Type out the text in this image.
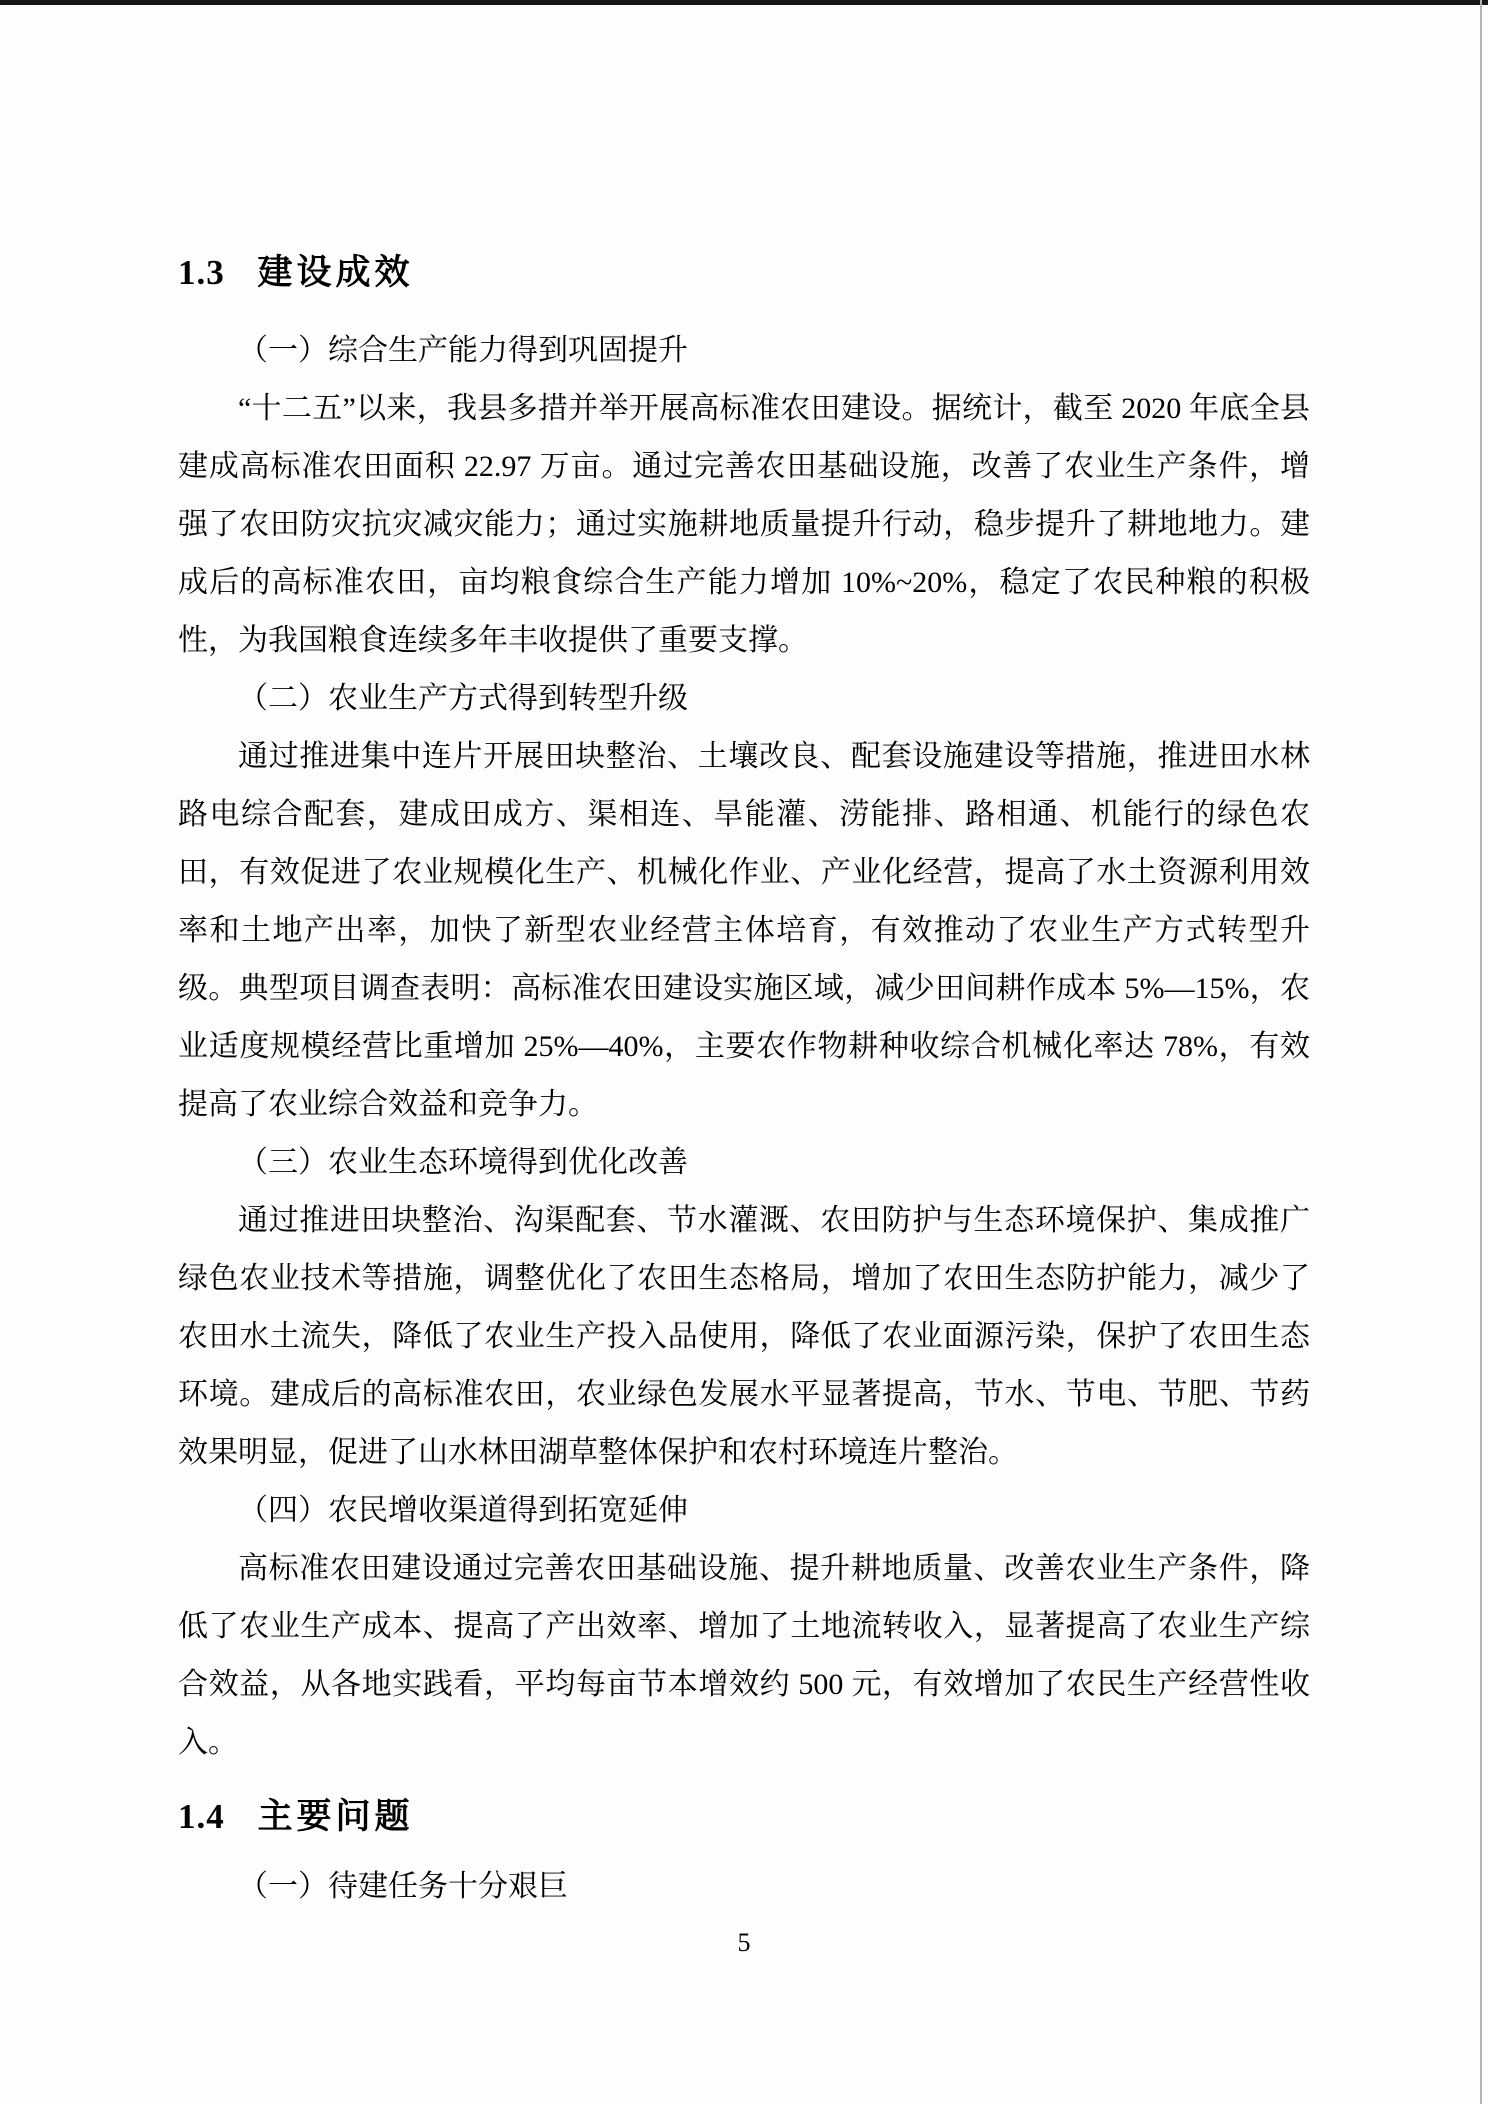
1.3 建设成效

（一）综合生产能力得到巩固提升

“十二五”以来，我县多措并举开展高标准农田建设。据统计，截至 2020 年底全县建成高标准农田面积 22.97 万亩。通过完善农田基础设施，改善了农业生产条件，增强了农田防灾抗灾减灾能力；通过实施耕地质量提升行动，稳步提升了耕地地力。建成后的高标准农田，亩均粮食综合生产能力增加 10%~20%，稳定了农民种粮的积极性，为我国粮食连续多年丰收提供了重要支撑。

（二）农业生产方式得到转型升级

通过推进集中连片开展田块整治、土壤改良、配套设施建设等措施，推进田水林路电综合配套，建成田成方、渠相连、旱能灌、涝能排、路相通、机能行的绿色农田，有效促进了农业规模化生产、机械化作业、产业化经营，提高了水土资源利用效率和土地产出率，加快了新型农业经营主体培育，有效推动了农业生产方式转型升级。典型项目调查表明：高标准农田建设实施区域，减少田间耕作成本 5%—15%，农业适度规模经营比重增加 25%—40%，主要农作物耕种收综合机械化率达 78%，有效提高了农业综合效益和竞争力。

（三）农业生态环境得到优化改善

通过推进田块整治、沟渠配套、节水灌溉、农田防护与生态环境保护、集成推广绿色农业技术等措施，调整优化了农田生态格局，增加了农田生态防护能力，减少了农田水土流失，降低了农业生产投入品使用，降低了农业面源污染，保护了农田生态环境。建成后的高标准农田，农业绿色发展水平显著提高，节水、节电、节肥、节药效果明显，促进了山水林田湖草整体保护和农村环境连片整治。

（四）农民增收渠道得到拓宽延伸

高标准农田建设通过完善农田基础设施、提升耕地质量、改善农业生产条件，降低了农业生产成本、提高了产出效率、增加了土地流转收入，显著提高了农业生产综合效益，从各地实践看，平均每亩节本增效约 500 元，有效增加了农民生产经营性收入。

1.4 主要问题

（一）待建任务十分艰巨

5
